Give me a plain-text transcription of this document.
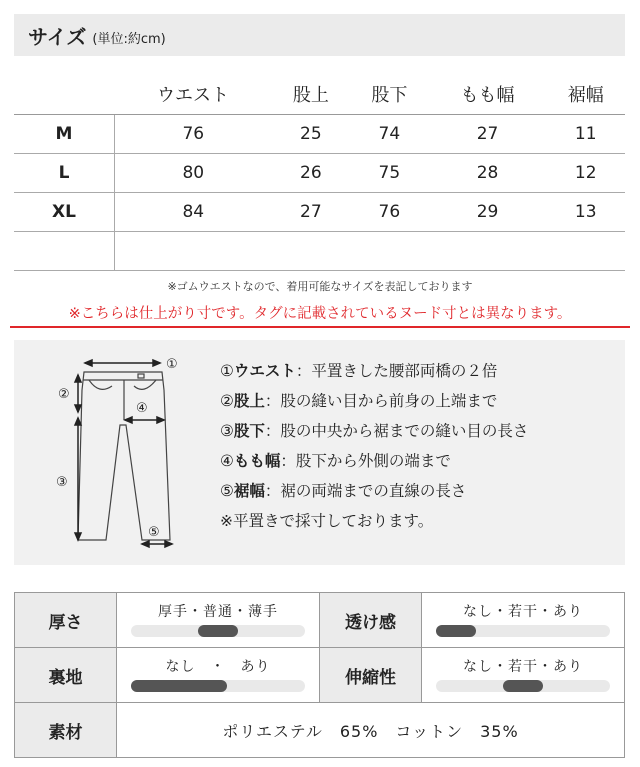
サイズ (単位:約cm)
	ウエスト	股上	股下	もも幅	裾幅
M	76	25	74	27	11
L	80	26	75	28	12
XL	84	27	76	29	13

※ゴムウエストなので、着用可能なサイズを表記しております
※こちらは仕上がり寸です。タグに記載されているヌード寸とは異なります。
①
②
③
④
⑤
①ウエスト：平置きした腰部両橋の２倍
②股上：股の縫い目から前身の上端まで
③股下：股の中央から裾までの縫い目の長さ
④もも幅：股下から外側の端まで
⑤裾幅：裾の両端までの直線の長さ
※平置きで採寸しております。
厚さ	厚手・普通・薄手	透け感	なし・若干・あり

裏地	なし　・　あり	伸縮性	なし・若干・あり

素材	ポリエステル　65%　コットン　35%		
